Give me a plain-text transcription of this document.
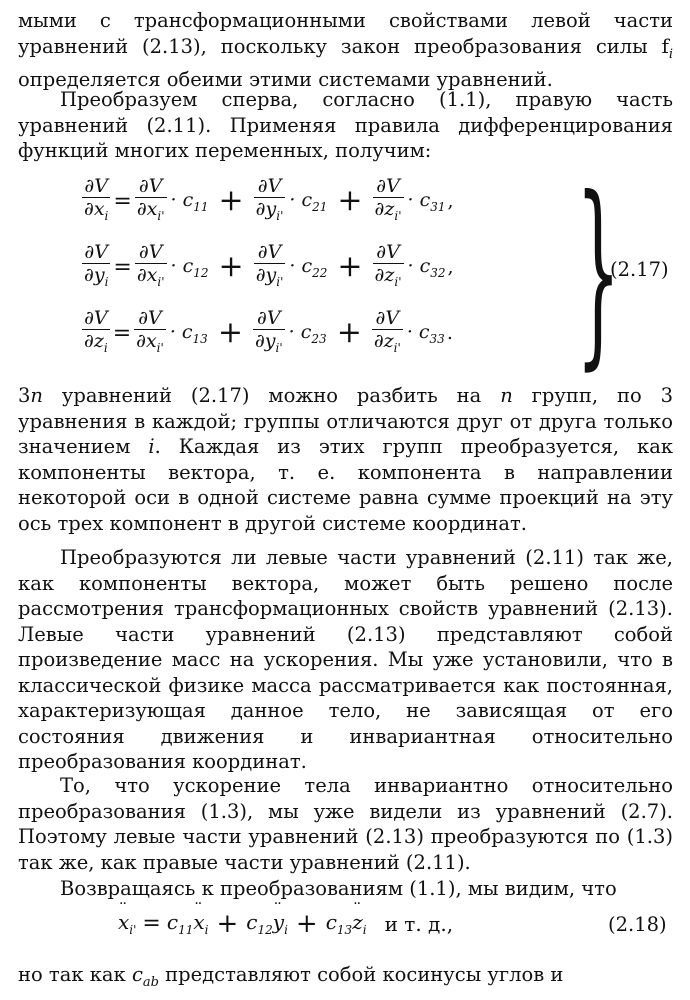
мыми с трансформационными свойствами левой части уравнений (2.13), поскольку закон преобразования силы $f_i$ определяется обеими этими системами уравнений.

Преобразуем сперва, согласно (1.1), правую часть уравнений (2.11). Применяя правила дифференцирования функций многих переменных, получим:

$\frac{\partial V}{\partial x_i} = \frac{\partial V}{\partial x_{i'}} \cdot c_{11} + \frac{\partial V}{\partial y_{i'}} \cdot c_{21} + \frac{\partial V}{\partial z_{i'}} \cdot c_{31}$ ,
$\frac{\partial V}{\partial y_i} = \frac{\partial V}{\partial x_{i'}} \cdot c_{12} + \frac{\partial V}{\partial y_{i'}} \cdot c_{22} + \frac{\partial V}{\partial z_{i'}} \cdot c_{32}$ ,
$\frac{\partial V}{\partial z_i} = \frac{\partial V}{\partial x_{i'}} \cdot c_{13} + \frac{\partial V}{\partial y_{i'}} \cdot c_{23} + \frac{\partial V}{\partial z_{i'}} \cdot c_{33}$ . }
(2.17)

3n уравнений (2.17) можно разбить на n групп, по 3 уравнения в каждой; группы отличаются друг от друга только значением i. Каждая из этих групп преобразуется, как компоненты вектора, т. е. компонента в направлении некоторой оси в одной системе равна сумме проекций на эту ось трех компонент в другой системе координат.

Преобразуются ли левые части уравнений (2.11) так же, как компоненты вектора, может быть решено после рассмотрения трансформационных свойств уравнений (2.13). Левые части уравнений (2.13) представляют собой произведение масс на ускорения. Мы уже установили, что в классической физике масса рассматривается как постоянная, характеризующая данное тело, не зависящая от его состояния движения и инвариантная относительно преобразования координат.

То, что ускорение тела инвариантно относительно преобразования (1.3), мы уже видели из уравнений (2.7). Поэтому левые части уравнений (2.13) преобразуются по (1.3) так же, как правые части уравнений (2.11).

Возвращаясь к преобразованиям (1.1), мы видим, что

·· $x_{i'} = c_{11}\cdot\cdot x_i + c_{12}\cdot\cdot y_i + c_{13}\cdot\cdot z_i$ и т. д.,	(2.18)

но так как $c_{ab}$ представляют собой косинусы углов и
